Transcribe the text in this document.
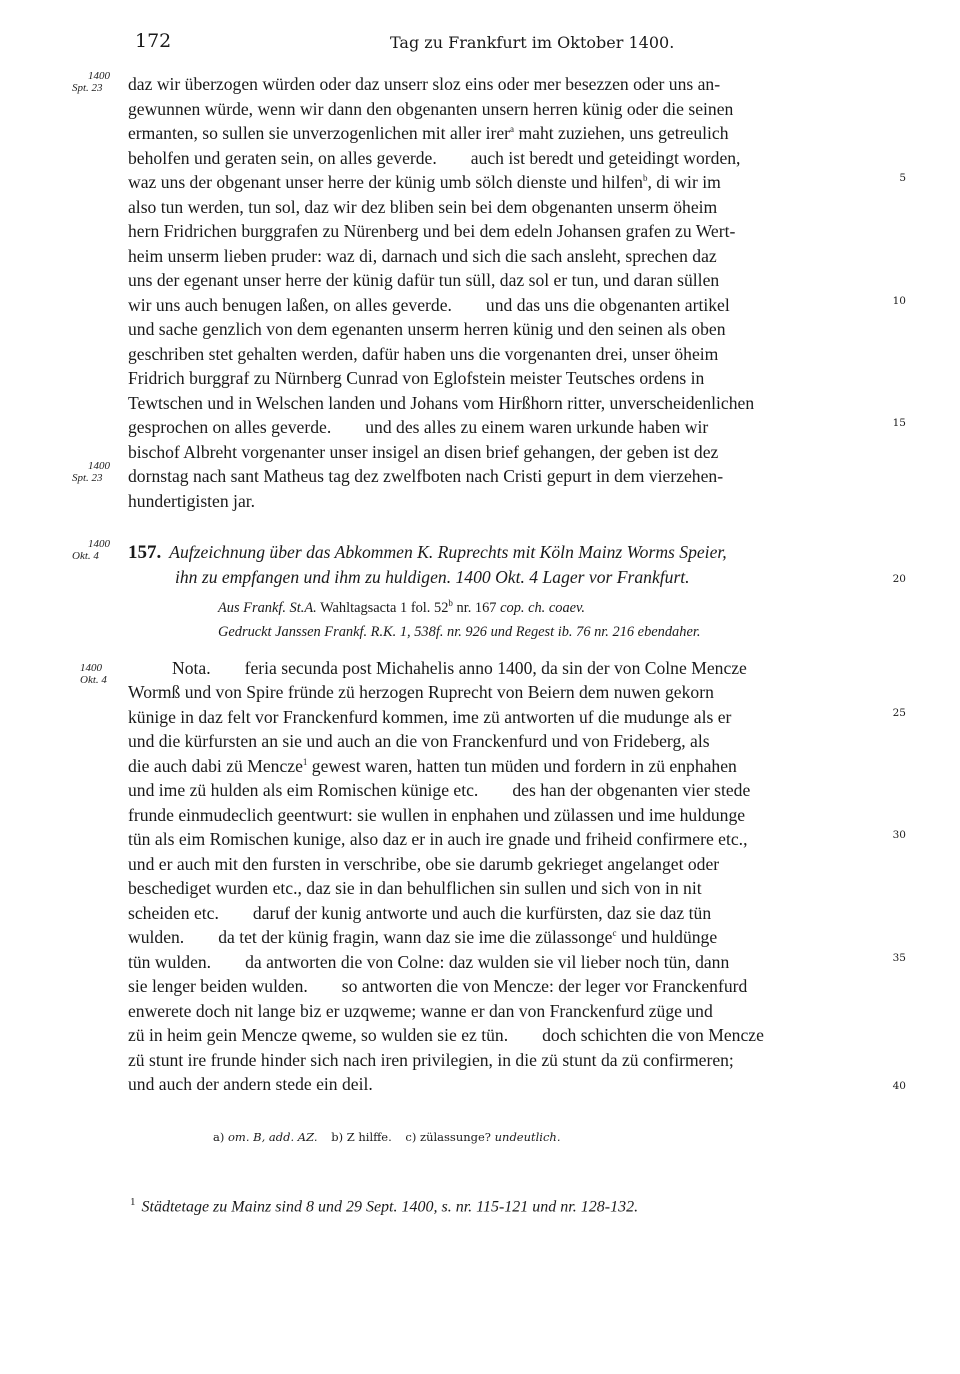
172	Tag zu Frankfurt im Oktober 1400.
1400
Spt. 23
1400
Spt. 23
1400
Okt. 4
1400
Okt. 4
daz wir überzogen würden oder daz unserr sloz eins oder mer besezzen oder uns an-
gewunnen würde, wenn wir dann den obgenanten unsern herren künig oder die seinen
ermanten, so sullen sie unverzogenlichen mit aller irer$^a$ maht zuziehen, uns getreulich
beholfen und geraten sein, on alles geverde. auch ist beredt und geteidingt worden,
waz uns der obgenant unser herre der künig umb sölch dienste und hilfen$^b$, di wir im	5
also tun werden, tun sol, daz wir dez bliben sein bei dem obgenanten unserm öheim
hern Fridrichen burggrafen zu Nürenberg und bei dem edeln Johansen grafen zu Wert-
heim unserm lieben pruder: waz di, darnach und sich die sach ansleht, sprechen daz
uns der egenant unser herre der künig dafür tun süll, daz sol er tun, und daran süllen
wir uns auch benugen laßen, on alles geverde. und das uns die obgenanten artikel	10
und sache genzlich von dem egenanten unserm herren künig und den seinen als oben
geschriben stet gehalten werden, dafür haben uns die vorgenanten drei, unser öheim
Fridrich burggraf zu Nürnberg Cunrad von Eglofstein meister Teutsches ordens in
Tewtschen und in Welschen landen und Johans vom Hirßhorn ritter, unverscheidenlichen
gesprochen on alles geverde. und des alles zu einem waren urkunde haben wir	15
bischof Albreht vorgenanter unser insigel an disen brief gehangen, der geben ist dez
dornstag nach sant Matheus tag dez zwelfboten nach Cristi gepurt in dem vierzehen-
hundertigisten jar.
157. Aufzeichnung über das Abkommen K. Ruprechts mit Köln Mainz Worms Speier,
ihn zu empfangen und ihm zu huldigen. 1400 Okt. 4 Lager vor Frankfurt.	20
Aus Frankf. St.A. Wahltagsacta 1 fol. 52$^b$ nr. 167 cop. ch. coaev.
Gedruckt Janssen Frankf. R.K. 1, 538f. nr. 926 und Regest ib. 76 nr. 216 ebendaher.
Nota. feria secunda post Michahelis anno 1400, da sin der von Colne Mencze
Wormß und von Spire fründe zü herzogen Ruprecht von Beiern dem nuwen gekorn
künige in daz felt vor Franckenfurd kommen, ime zü antworten uf die mudunge als er	25
und die kürfursten an sie und auch an die von Franckenfurd und von Frideberg, als
die auch dabi zü Mencze$^1$ gewest waren, hatten tun müden und fordern in zü enphahen
und ime zü hulden als eim Romischen künige etc. des han der obgenanten vier stede
frunde einmudeclich geentwurt: sie wullen in enphahen und zülassen und ime huldunge
tün als eim Romischen kunige, also daz er in auch ire gnade und friheid confirmere etc.,	30
und er auch mit den fursten in verschribe, obe sie darumb gekrieget angelanget oder
beschediget wurden etc., daz sie in dan behulflichen sin sullen und sich von in nit
scheiden etc. daruf der kunig antworte und auch die kurfürsten, daz sie daz tün
wulden. da tet der künig fragin, wann daz sie ime die zülassonge$^c$ und huldünge
tün wulden. da antworten die von Colne: daz wulden sie vil lieber noch tün, dann	35
sie lenger beiden wulden. so antworten die von Mencze: der leger vor Franckenfurd
enwerete doch nit lange biz er uzqweme; wanne er dan von Franckenfurd züge und
zü in heim gein Mencze qweme, so wulden sie ez tün. doch schichten die von Mencze
zü stunt ire frunde hinder sich nach iren privilegien, in die zü stunt da zü confirmeren;
und auch der andern stede ein deil.	40
a) om. B, add. AZ. b) Z hilffe. c) zülassunge? undeutlich.
$^1$ Städtetage zu Mainz sind 8 und 29 Sept. 1400, s. nr. 115-121 und nr. 128-132.
